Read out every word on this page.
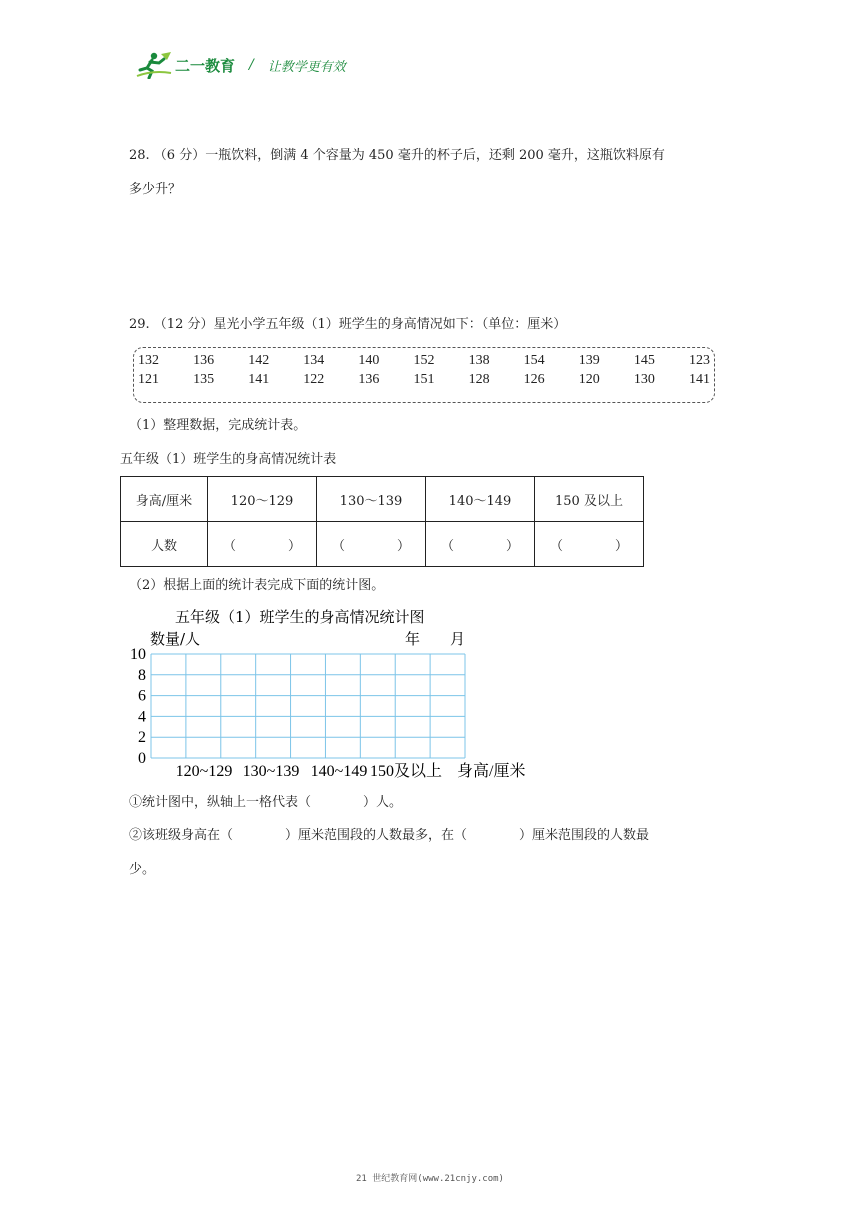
二一教育 / 让教学更有效
28. （6 分）一瓶饮料，倒满 4 个容量为 450 毫升的杯子后，还剩 200 毫升，这瓶饮料原有
多少升？
29. （12 分）星光小学五年级（1）班学生的身高情况如下：（单位：厘米）
132 136 142 134 140 152 138 154 139 145 123
121 135 141 122 136 151 128 126 120 130 141
（1）整理数据，完成统计表。
五年级（1）班学生的身高情况统计表
身高/厘米	120～129	130～139	140～149	150 及以上
人数	（　　　　）	（　　　　）	（　　　　）	（　　　　）
（2）根据上面的统计表完成下面的统计图。
五年级（1）班学生的身高情况统计图
数量/人	年　　月
10
8
6
4
2
0
120~129 130~139 140~149 150及以上 身高/厘米
①统计图中，纵轴上一格代表（　　　　）人。
②该班级身高在（　　　　）厘米范围段的人数最多，在（　　　　）厘米范围段的人数最
少。
21 世纪教育网(www.21cnjy.com)
